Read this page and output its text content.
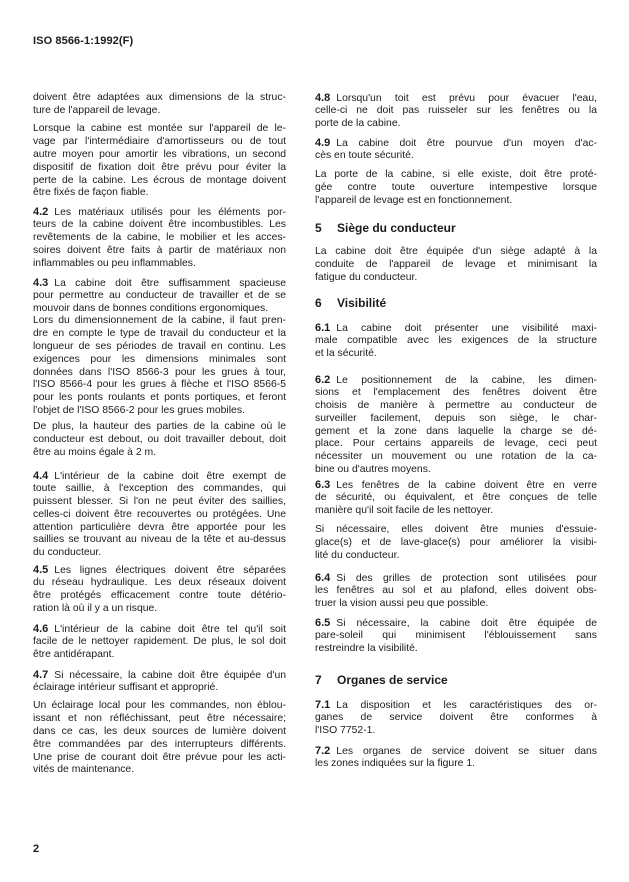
ISO 8566-1:1992(F)
doivent être adaptées aux dimensions de la struc-
ture de l'appareil de levage.
Lorsque la cabine est montée sur l'appareil de le-
vage par l'intermédiaire d'amortisseurs ou de tout
autre moyen pour amortir les vibrations, un second
dispositif de fixation doit être prévu pour éviter la
perte de la cabine. Les écrous de montage doivent
être fixés de façon fiable.
4.2 Les matériaux utilisés pour les éléments por-
teurs de la cabine doivent être incombustibles. Les
revêtements de la cabine, le mobilier et les acces-
soires doivent être faits à partir de matériaux non
inflammables ou peu inflammables.
4.3 La cabine doit être suffisamment spacieuse
pour permettre au conducteur de travailler et de se
mouvoir dans de bonnes conditions ergonomiques.
Lors du dimensionnement de la cabine, il faut pren-
dre en compte le type de travail du conducteur et la
longueur de ses périodes de travail en continu. Les
exigences pour les dimensions minimales sont
données dans l'ISO 8566-3 pour les grues à tour,
l'ISO 8566-4 pour les grues à flèche et l'ISO 8566-5
pour les ponts roulants et ponts portiques, et feront
l'objet de l'ISO 8566-2 pour les grues mobiles.
De plus, la hauteur des parties de la cabine où le
conducteur est debout, ou doit travailler debout, doit
être au moins égale à 2 m.
4.4 L'intérieur de la cabine doit être exempt de
toute saillie, à l'exception des commandes, qui
puissent blesser. Si l'on ne peut éviter des saillies,
celles-ci doivent être recouvertes ou protégées. Une
attention particulière devra être apportée pour les
saillies se trouvant au niveau de la tête et au-dessus
du conducteur.
4.5 Les lignes électriques doivent être séparées
du réseau hydraulique. Les deux réseaux doivent
être protégés efficacement contre toute détério-
ration là où il y a un risque.
4.6 L'intérieur de la cabine doit être tel qu'il soit
facile de le nettoyer rapidement. De plus, le sol doit
être antidérapant.
4.7 Si nécessaire, la cabine doit être équipée d'un
éclairage intérieur suffisant et approprié.
Un éclairage local pour les commandes, non éblou-
issant et non réfléchissant, peut être nécessaire;
dans ce cas, les deux sources de lumière doivent
être commandées par des interrupteurs différents.
Une prise de courant doit être prévue pour les acti-
vités de maintenance.
4.8 Lorsqu'un toit est prévu pour évacuer l'eau,
celle-ci ne doit pas ruisseler sur les fenêtres ou la
porte de la cabine.
4.9 La cabine doit être pourvue d'un moyen d'ac-
cès en toute sécurité.
La porte de la cabine, si elle existe, doit être proté-
gée contre toute ouverture intempestive lorsque
l'appareil de levage est en fonctionnement.
La cabine doit être équipée d'un siège adapté à la
conduite de l'appareil de levage et minimisant la
fatigue du conducteur.
6.1 La cabine doit présenter une visibilité maxi-
male compatible avec les exigences de la structure
et la sécurité.
6.2 Le positionnement de la cabine, les dimen-
sions et l'emplacement des fenêtres doivent être
choisis de manière à permettre au conducteur de
surveiller facilement, depuis son siège, le char-
gement et la zone dans laquelle la charge se dé-
place. Pour certains appareils de levage, ceci peut
nécessiter un mouvement ou une rotation de la ca-
bine ou d'autres moyens.
6.3 Les fenêtres de la cabine doivent être en verre
de sécurité, ou équivalent, et être conçues de telle
manière qu'il soit facile de les nettoyer.
Si nécessaire, elles doivent être munies d'essuie-
glace(s) et de lave-glace(s) pour améliorer la visibi-
lité du conducteur.
6.4 Si des grilles de protection sont utilisées pour
les fenêtres au sol et au plafond, elles doivent obs-
truer la vision aussi peu que possible.
6.5 Si nécessaire, la cabine doit être équipée de
pare-soleil qui minimisent l'éblouissement sans
restreindre la visibilité.
7.1 La disposition et les caractéristiques des or-
ganes de service doivent être conformes à
l'ISO 7752-1.
7.2 Les organes de service doivent se situer dans
les zones indiquées sur la figure 1.
5 Siège du conducteur
6 Visibilité
7 Organes de service
2
